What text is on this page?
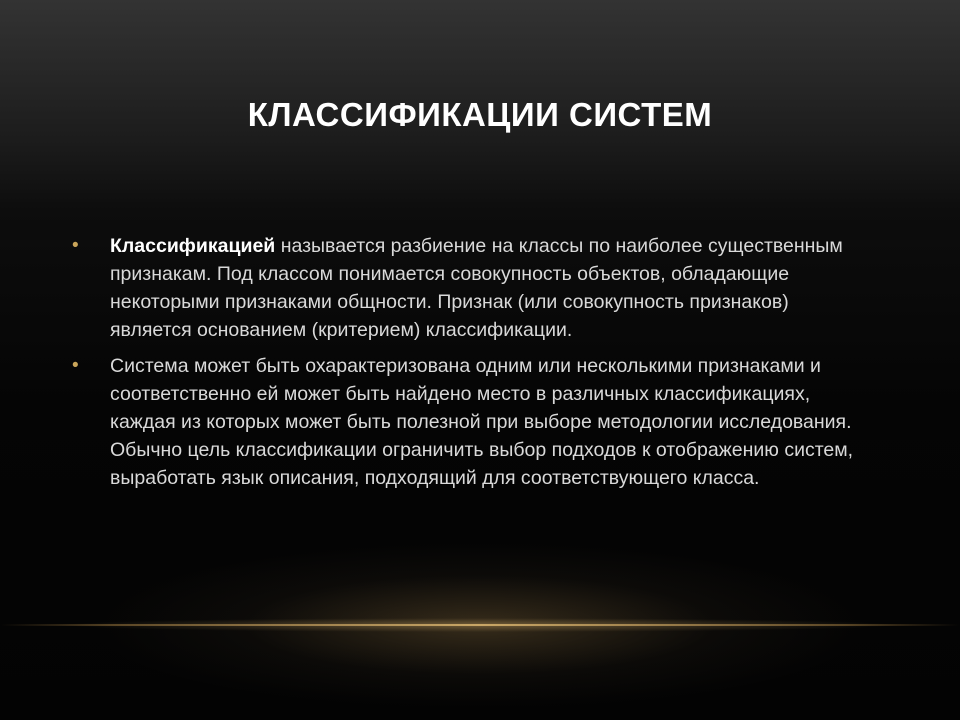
КЛАССИФИКАЦИИ СИСТЕМ
• Классификацией называется разбиение на классы по наиболее существенным признакам. Под классом понимается совокупность объектов, обладающие некоторыми признаками общности. Признак (или совокупность признаков) является основанием (критерием) классификации.
• Система может быть охарактеризована одним или несколькими признаками и соответственно ей может быть найдено место в различных классификациях, каждая из которых может быть полезной при выборе методологии исследования. Обычно цель классификации ограничить выбор подходов к отображению систем, выработать язык описания, подходящий для соответствующего класса.
